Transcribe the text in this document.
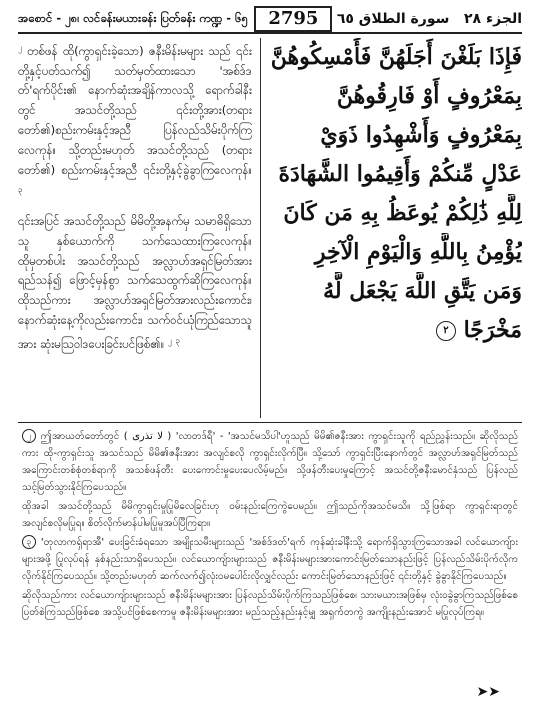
အစောင် - ၂၈၊ လင်ခန်းမယားခန်း ပြတ်ခန်း ကဏ္ဍ - ၆၅	2795	الجزء ٢٨   سورة الطلاق ٦٥

$^၂$ တစ်ဖန် ထို(ကွာရှင်းခဲ့သော) ဇနီးမိန်းမများ သည် ၎င်းတို့နှင့်ပတ်သက်၍ သတ်မှတ်ထားသော 'အစ်ဒ်ဒတ်'ရက်ပိုင်း၏ နောက်ဆုံးအချိန်ကာလသို့ ရောက်ခါနီးတွင် အသင်တို့သည် ၎င်းတို့အား(တရားတော်၏)စည်းကမ်းနှင့်အညီ ပြန်လည်သိမ်းပိုက်ကြလေကုန်။ သို့တည်းမဟုတ် အသင်တို့သည် (တရားတော်၏) စည်းကမ်းနှင့်အညီ ၎င်းတို့နှင့်ခွဲခွာကြလေကုန်။ $^၃$

၎င်းအပြင် အသင်တို့သည် မိမိတို့အနက်မှ သမာဓိရှိသောသူ နှစ်ယောက်ကို သက်သေထားကြလေကုန်။ ထိုမှတစ်ပါး အသင်တို့သည် အလ္လာဟ်အရှင်မြတ်အား ရည်သန်၍ ဖြောင့်မှန်စွာ သက်သေထွက်ဆိုကြလေကုန်။ ထိုသည်ကား အလ္လာဟ်အရှင်မြတ်အားလည်းကောင်း၊ နောက်ဆုံးနေ့ကိုလည်းကောင်း၊ သက်ဝင်ယုံကြည်သောသူအား ဆုံးမသြဝါဒပေးခြင်းပင်ဖြစ်၏။ $^၂$ $^၃$

فَإِذَا بَلَغْنَ أَجَلَهُنَّ فَأَمْسِكُوهُنَّ
بِمَعْرُوفٍ أَوْ فَارِقُوهُنَّ
بِمَعْرُوفٍ وَأَشْهِدُوا ذَوَيْ
عَدْلٍ مِّنكُمْ وَأَقِيمُوا الشَّهَادَةَ
لِلَّهِ ذَٰلِكُمْ يُوعَظُ بِهِ مَن كَانَ
يُؤْمِنُ بِاللَّهِ وَالْيَوْمِ الْآخِرِ
وَمَن يَتَّقِ اللَّهَ يَجْعَل لَّهُ
مَخْرَجًا ٢

၂ ဤအာယတ်တော်တွင် ( لا تذرى ) 'လာတဒ်ရီ' - 'အသင်မသိပါ'ဟူသည် မိမိ၏ဇနီးအား ကွာရှင်းသူကို ရည်ညွှန်းသည်။ ဆိုလိုသည်ကား ထို-ကွာရှင်းသူ အသင်သည် မိမိ၏ဇနီးအား အလျင်စလို ကွာရှင်းလိုက်ပြီ။ သို့သော် ကွာရှင်းပြီးနောက်တွင် အလ္လာဟ်အရှင်မြတ်သည် အကြောင်းတစ်စုံတစ်ရာကို အသစ်ဖန်တီး ပေးကောင်းမှုပေးပေလိမ့်မည်။ သို့ဖန်တီးပေးမှုကြောင့် အသင်တို့ဇနီးမောင်နှံသည် ပြန်လည်သင့်မြတ်သွားနိုင်ကြပေသည်။

ထိုအခါ အသင်တို့သည် မိမိကွာရှင်းမှုပြုမိလေခြင်းဟု ဝမ်းနည်းကြေကွဲပေမည်။ ဤသည်ကိုအသင်မသိ။ သို့ဖြစ်ရာ ကွာရှင်းရာတွင် အလျင်စလိုမပြုရ။ စိတ်လိုက်မာန်ပါမပြုမူအပ်ပြီကြရာ။

၃ 'တုလာကရှ်ရာအီ' ပေးခြင်းခံရသော အမျိုးသမီးများသည် 'အစ်ဒ်ဒတ်'ရက် ကုန်ဆုံးခါနီးသို့ ရောက်ရှိသွားကြသောအခါ လင်ယောကျ်ားများအဖို့ ပြုလုပ်ရန် နှစ်နည်းသာရှိပေသည်။ လင်ယောကျ်ားများသည် ဇနီးမိန်းမများအားကောင်းမြတ်သောနည်းဖြင့် ပြန်လည်သိမ်းပိုက်လိုက လိုက်နိုင်ကြပေသည်။ သို့တည်းမဟုတ် ဆက်လက်၍လုံးဝမပေါင်းလိုလျှင်လည်း ကောင်းမြတ်သောနည်းဖြင့် ၎င်းတို့နှင့် ခွဲခွာနိုင်ကြပေသည်။

ဆိုလိုသည်ကား လင်ယောကျ်ားများသည် ဇနီးမိန်းမများအား ပြန်လည်သိမ်းပိုက်ကြသည်ဖြစ်စေ၊ သားမယားအဖြစ်မှ လုံးဝခွဲခွာကြသည်ဖြစ်စေ ပြတ်စဲကြသည်ဖြစ်စေ အသို့ပင်ဖြစ်စေကာမူ ဇနီးမိန်းမများအား မည်သည့်နည်းနှင့်မျှ အရှက်တကွဲ အကျိုးနည်းအောင် မပြုလုပ်ကြရ။

➤➤
